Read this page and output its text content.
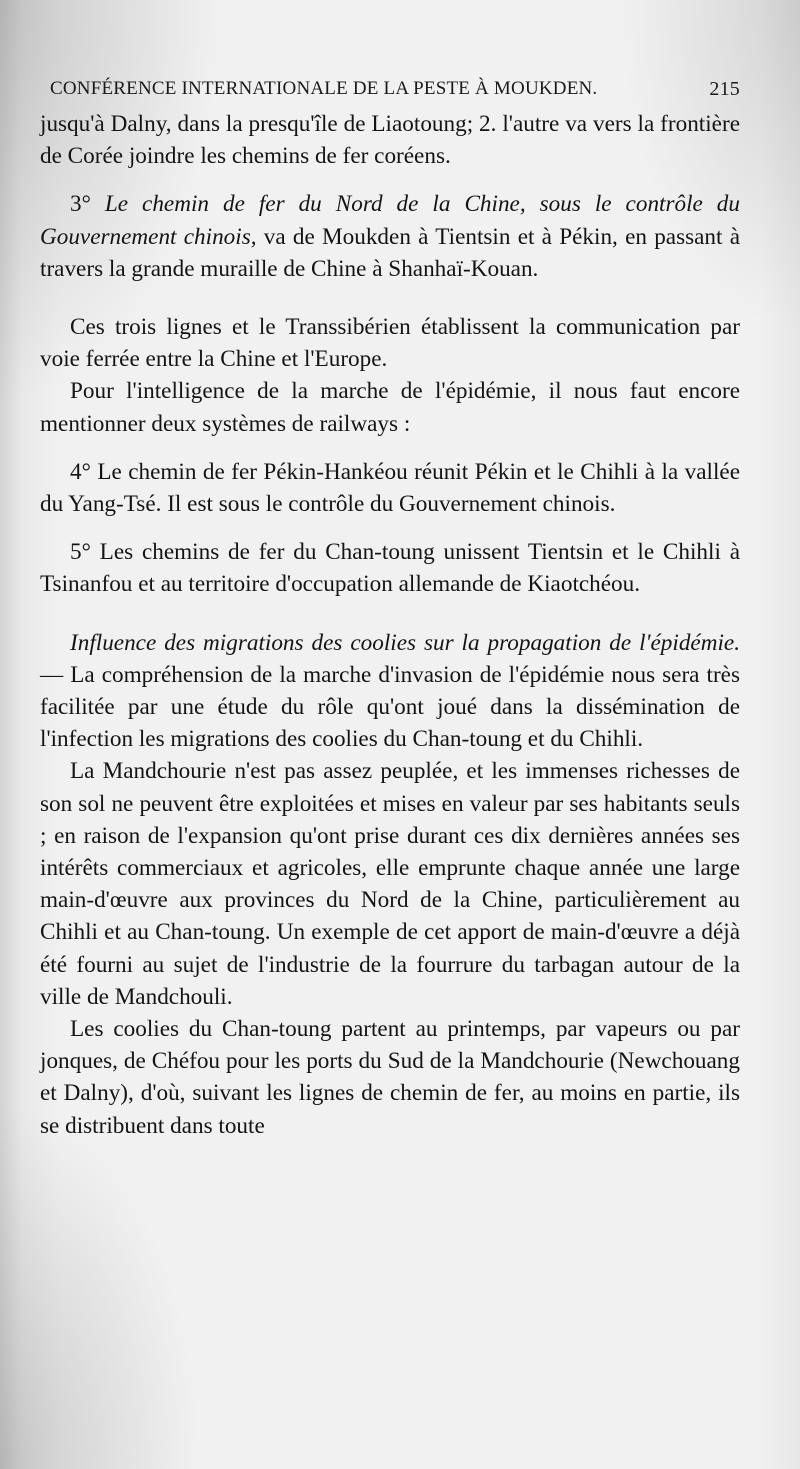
CONFÉRENCE INTERNATIONALE DE LA PESTE À MOUKDEN.	215

jusqu'à Dalny, dans la presqu'île de Liaotoung; 2. l'autre va vers la frontière de Corée joindre les chemins de fer coréens.

3° Le chemin de fer du Nord de la Chine, sous le contrôle du Gouvernement chinois, va de Moukden à Tientsin et à Pékin, en passant à travers la grande muraille de Chine à Shanhaï-Kouan.

Ces trois lignes et le Transsibérien établissent la communication par voie ferrée entre la Chine et l'Europe.

Pour l'intelligence de la marche de l'épidémie, il nous faut encore mentionner deux systèmes de railways :

4° Le chemin de fer Pékin-Hankéou réunit Pékin et le Chihli à la vallée du Yang-Tsé. Il est sous le contrôle du Gouvernement chinois.

5° Les chemins de fer du Chan-toung unissent Tientsin et le Chihli à Tsinanfou et au territoire d'occupation allemande de Kiaotchéou.

Influence des migrations des coolies sur la propagation de l'épidémie. — La compréhension de la marche d'invasion de l'épidémie nous sera très facilitée par une étude du rôle qu'ont joué dans la dissémination de l'infection les migrations des coolies du Chan-toung et du Chihli.

La Mandchourie n'est pas assez peuplée, et les immenses richesses de son sol ne peuvent être exploitées et mises en valeur par ses habitants seuls ; en raison de l'expansion qu'ont prise durant ces dix dernières années ses intérêts commerciaux et agricoles, elle emprunte chaque année une large main-d'œuvre aux provinces du Nord de la Chine, particulièrement au Chihli et au Chan-toung. Un exemple de cet apport de main-d'œuvre a déjà été fourni au sujet de l'industrie de la fourrure du tarbagan autour de la ville de Mandchouli.

Les coolies du Chan-toung partent au printemps, par vapeurs ou par jonques, de Chéfou pour les ports du Sud de la Mandchourie (Newchouang et Dalny), d'où, suivant les lignes de chemin de fer, au moins en partie, ils se distribuent dans toute
